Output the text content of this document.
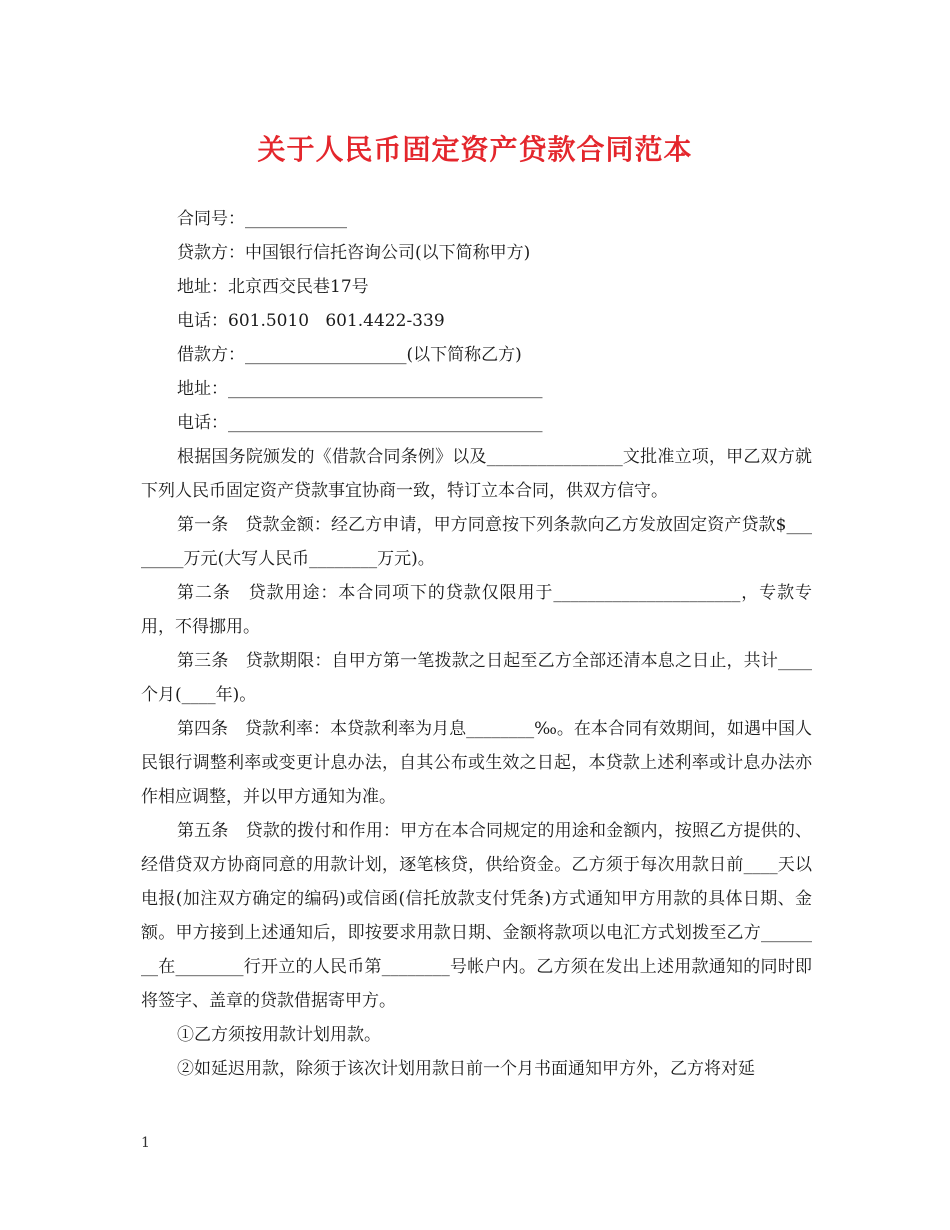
关于人民币固定资产贷款合同范本
合同号：____________
贷款方：中国银行信托咨询公司(以下简称甲方)
地址：北京西交民巷17号
电话：601.5010   601.4422-339
借款方：___________________(以下简称乙方)
地址：_____________________________________
电话：_____________________________________

根据国务院颁发的《借款合同条例》以及________________文批准立项，甲乙双方就下列人民币固定资产贷款事宜协商一致，特订立本合同，供双方信守。

第一条　贷款金额：经乙方申请，甲方同意按下列条款向乙方发放固定资产贷款$________万元(大写人民币________万元)。

第二条　贷款用途：本合同项下的贷款仅限用于______________________，专款专用，不得挪用。

第三条　贷款期限：自甲方第一笔拨款之日起至乙方全部还清本息之日止，共计____个月(____年)。

第四条　贷款利率：本贷款利率为月息________‰。在本合同有效期间，如遇中国人民银行调整利率或变更计息办法，自其公布或生效之日起，本贷款上述利率或计息办法亦作相应调整，并以甲方通知为准。

第五条　贷款的拨付和作用：甲方在本合同规定的用途和金额内，按照乙方提供的、经借贷双方协商同意的用款计划，逐笔核贷，供给资金。乙方须于每次用款日前____天以电报(加注双方确定的编码)或信函(信托放款支付凭条)方式通知甲方用款的具体日期、金额。甲方接到上述通知后，即按要求用款日期、金额将款项以电汇方式划拨至乙方________在________行开立的人民币第________号帐户内。乙方须在发出上述用款通知的同时即将签字、盖章的贷款借据寄甲方。

①乙方须按用款计划用款。

②如延迟用款，除须于该次计划用款日前一个月书面通知甲方外，乙方将对延

1
